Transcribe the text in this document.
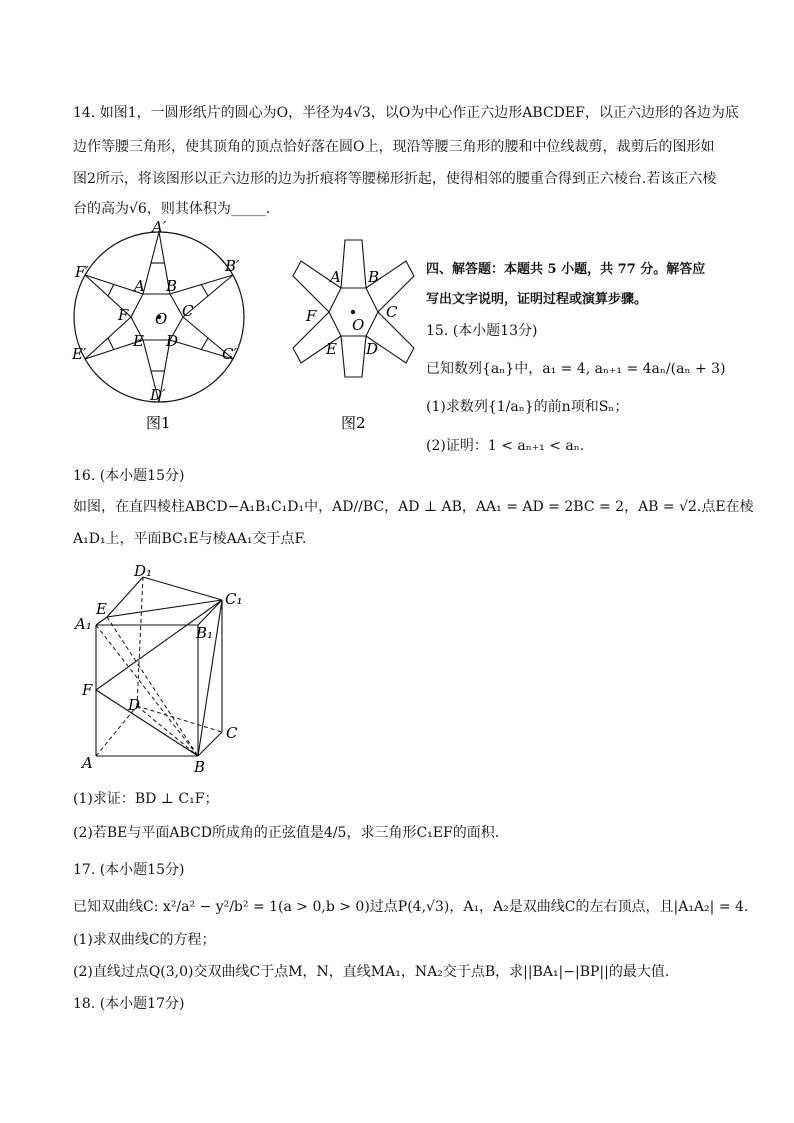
14. 如图1，一圆形纸片的圆心为O，半径为4√3，以O为中心作正六边形ABCDEF，以正六边形的各边为底
边作等腰三角形，使其顶角的顶点恰好落在圆O上，现沿等腰三角形的腰和中位线裁剪，裁剪后的图形如
图2所示，将该图形以正六边形的边为折痕将等腰梯形折起，使得相邻的腰重合得到正六棱台.若该正六棱
台的高为√6，则其体积为_____.
A′
B′
C′
D′
E′
F′
A B
C
D
E
F O
图1
A B
C
D
E
F O
图2
四、解答题：本题共 5 小题，共 77 分。解答应
写出文字说明，证明过程或演算步骤。
15. (本小题13分)
已知数列{aₙ}中，a₁ = 4, aₙ₊₁ = 4aₙ/(aₙ + 3)
(1)求数列{1/aₙ}的前n项和Sₙ；
(2)证明：1 < aₙ₊₁ < aₙ.
16. (本小题15分)
如图，在直四棱柱ABCD−A₁B₁C₁D₁中，AD//BC，AD ⊥ AB，AA₁ = AD = 2BC = 2，AB = √2.点E在棱
A₁D₁上，平面BC₁E与棱AA₁交于点F.
D₁
E
C₁
A₁	B₁
F
D
C
A	B
(1)求证：BD ⊥ C₁F；
(2)若BE与平面ABCD所成角的正弦值是4/5，求三角形C₁EF的面积.
17. (本小题15分)
已知双曲线C: x²/a² − y²/b² = 1(a > 0,b > 0)过点P(4,√3)，A₁，A₂是双曲线C的左右顶点，且|A₁A₂| = 4.
(1)求双曲线C的方程；
(2)直线过点Q(3,0)交双曲线C于点M，N，直线MA₁，NA₂交于点B，求||BA₁|−|BP||的最大值.
18. (本小题17分)
